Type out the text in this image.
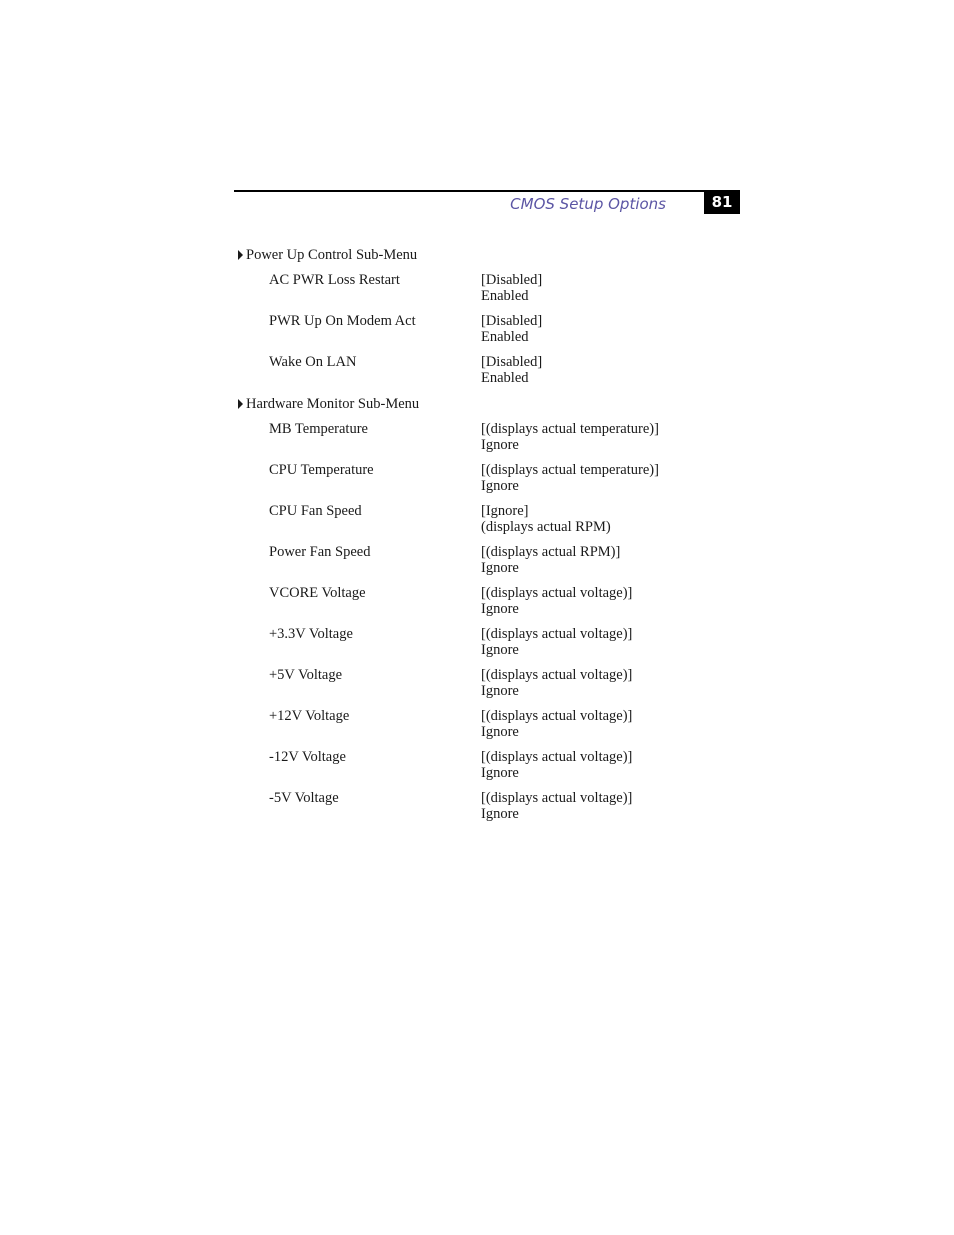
CMOS Setup Options	81
Power Up Control Sub-Menu
AC PWR Loss Restart	[Disabled]
Enabled
PWR Up On Modem Act	[Disabled]
Enabled
Wake On LAN	[Disabled]
Enabled
Hardware Monitor Sub-Menu
MB Temperature	[(displays actual temperature)]
Ignore
CPU Temperature	[(displays actual temperature)]
Ignore
CPU Fan Speed	[Ignore]
(displays actual RPM)
Power Fan Speed	[(displays actual RPM)]
Ignore
VCORE Voltage	[(displays actual voltage)]
Ignore
+3.3V Voltage	[(displays actual voltage)]
Ignore
+5V Voltage	[(displays actual voltage)]
Ignore
+12V Voltage	[(displays actual voltage)]
Ignore
-12V Voltage	[(displays actual voltage)]
Ignore
-5V Voltage	[(displays actual voltage)]
Ignore
